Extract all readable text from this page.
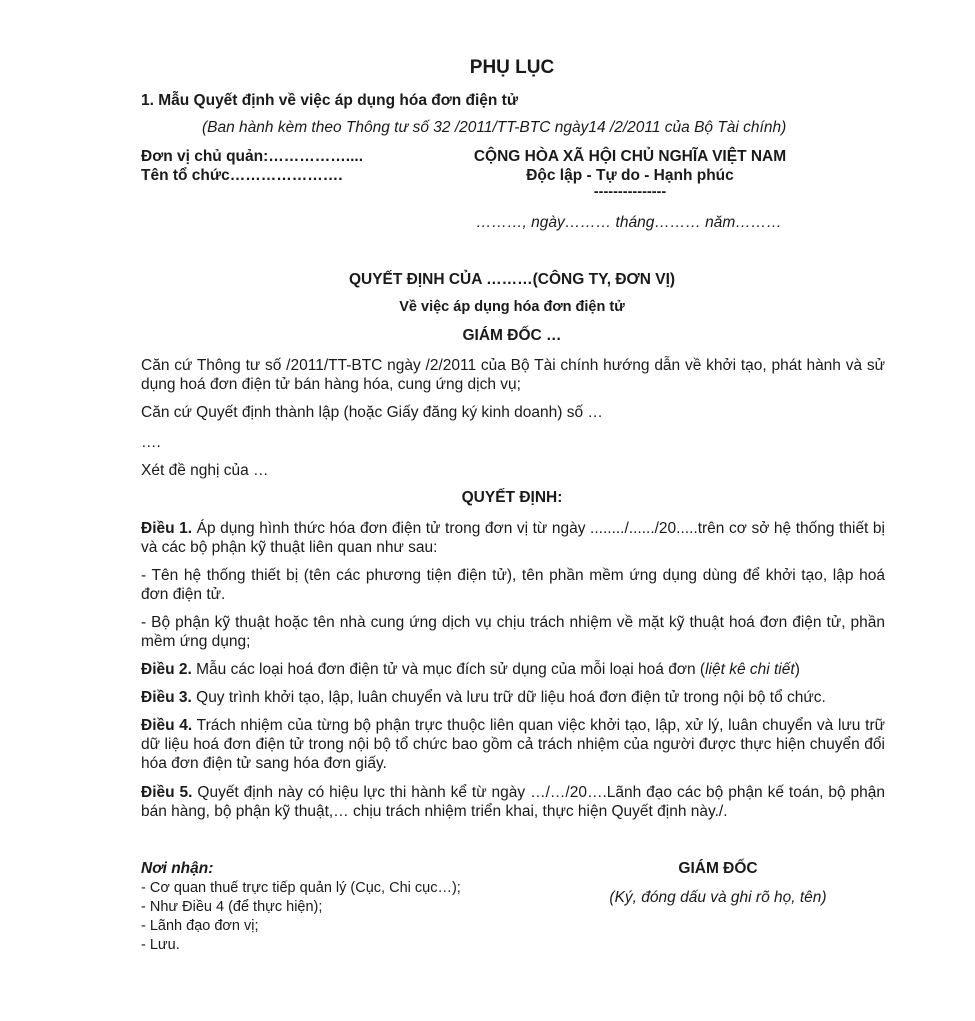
PHỤ LỤC
1. Mẫu Quyết định về việc áp dụng hóa đơn điện tử
(Ban hành kèm theo Thông tư số 32 /2011/TT-BTC ngày14 /2/2011 của Bộ Tài chính)
Đơn vị chủ quản:……………....
Tên tổ chức………………….
CỘNG HÒA XÃ HỘI CHỦ NGHĨA VIỆT NAM
Độc lập - Tự do - Hạnh phúc
---------------
………, ngày……… tháng……… năm………
QUYẾT ĐỊNH CỦA ………(CÔNG TY, ĐƠN VỊ)
Về việc áp dụng hóa đơn điện tử
GIÁM ĐỐC …
Căn cứ Thông tư số /2011/TT-BTC ngày /2/2011 của Bộ Tài chính hướng dẫn về khởi tạo, phát hành và sử dụng hoá đơn điện tử bán hàng hóa, cung ứng dịch vụ;
Căn cứ Quyết định thành lập (hoặc Giấy đăng ký kinh doanh) số …
….
Xét đề nghị của …
QUYẾT ĐỊNH:
Điều 1. Áp dụng hình thức hóa đơn điện tử trong đơn vị từ ngày ......../....../20.....trên cơ sở hệ thống thiết bị và các bộ phận kỹ thuật liên quan như sau:
- Tên hệ thống thiết bị (tên các phương tiện điện tử), tên phần mềm ứng dụng dùng để khởi tạo, lập hoá đơn điện tử.
- Bộ phận kỹ thuật hoặc tên nhà cung ứng dịch vụ chịu trách nhiệm về mặt kỹ thuật hoá đơn điện tử, phần mềm ứng dụng;
Điều 2. Mẫu các loại hoá đơn điện tử và mục đích sử dụng của mỗi loại hoá đơn (liệt kê chi tiết)
Điều 3. Quy trình khởi tạo, lập, luân chuyển và lưu trữ dữ liệu hoá đơn điện tử trong nội bộ tổ chức.
Điều 4. Trách nhiệm của từng bộ phận trực thuộc liên quan việc khởi tạo, lập, xử lý, luân chuyển và lưu trữ dữ liệu hoá đơn điện tử trong nội bộ tổ chức bao gồm cả trách nhiệm của người được thực hiện chuyển đổi hóa đơn điện tử sang hóa đơn giấy.
Điều 5. Quyết định này có hiệu lực thi hành kể từ ngày …/…/20….Lãnh đạo các bộ phận kế toán, bộ phận bán hàng, bộ phận kỹ thuật,… chịu trách nhiệm triển khai, thực hiện Quyết định này./.
Nơi nhận:
- Cơ quan thuế trực tiếp quản lý (Cục, Chi cục…);
- Như Điều 4 (để thực hiện);
- Lãnh đạo đơn vị;
- Lưu.
GIÁM ĐỐC
(Ký, đóng dấu và ghi rõ họ, tên)
